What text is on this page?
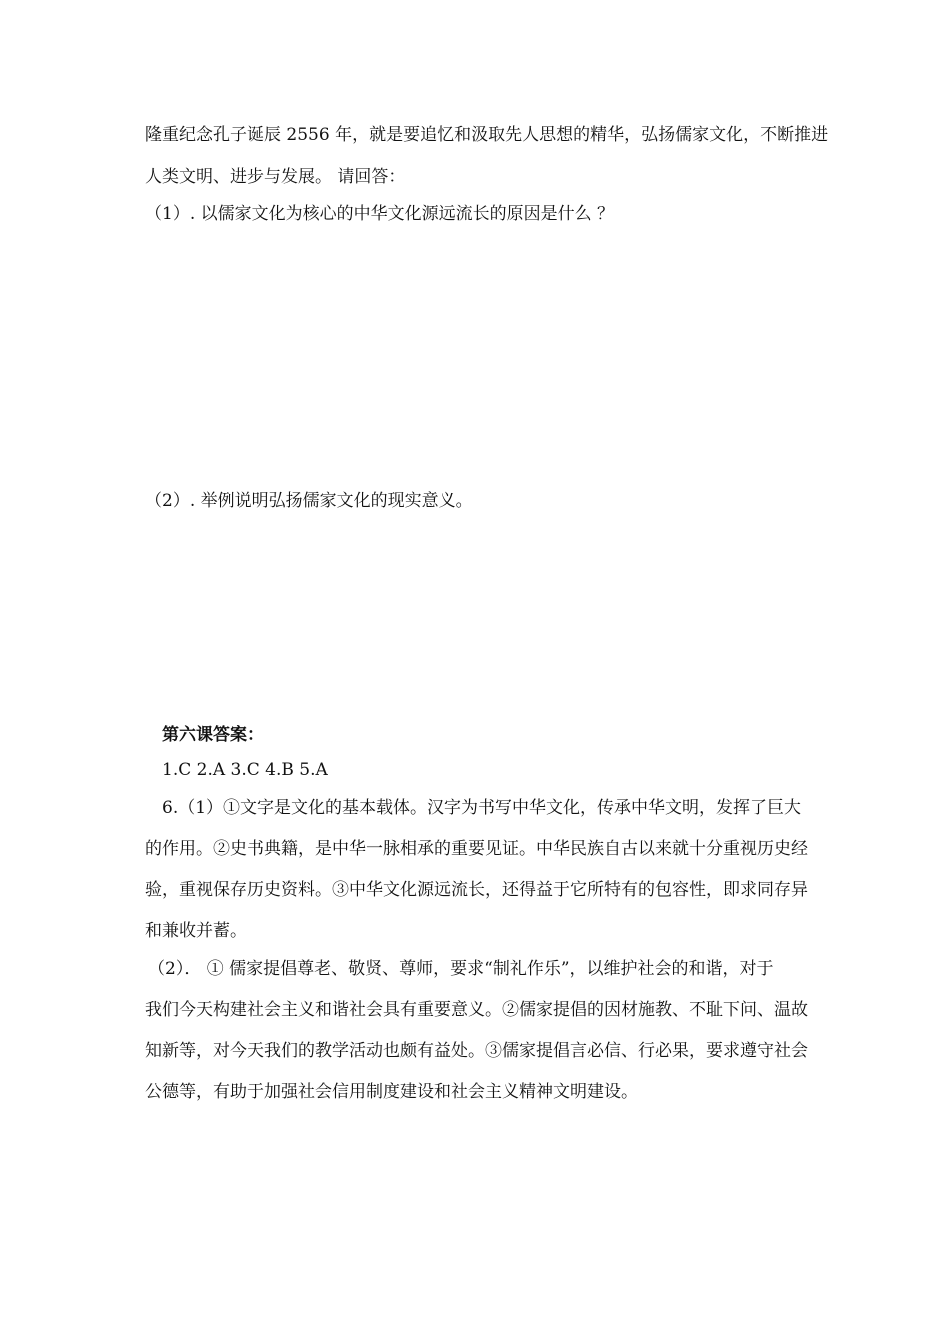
隆重纪念孔子诞辰 2556 年，就是要追忆和汲取先人思想的精华，弘扬儒家文化，不断推进
人类文明、进步与发展。 请回答：
（1）. 以儒家文化为核心的中华文化源远流长的原因是什么 ？
（2）. 举例说明弘扬儒家文化的现实意义。
第六课答案：
1.C 2.A 3.C 4.B 5.A
6.（1）①文字是文化的基本载体。汉字为书写中华文化，传承中华文明，发挥了巨大
的作用。②史书典籍，是中华一脉相承的重要见证。中华民族自古以来就十分重视历史经
验，重视保存历史资料。③中华文化源远流长，还得益于它所特有的包容性，即求同存异
和兼收并蓄。
（2）． ① 儒家提倡尊老、敬贤、尊师，要求“制礼作乐”，以维护社会的和谐，对于
我们今天构建社会主义和谐社会具有重要意义。②儒家提倡的因材施教、不耻下问、温故
知新等，对今天我们的教学活动也颇有益处。③儒家提倡言必信、行必果，要求遵守社会
公德等，有助于加强社会信用制度建设和社会主义精神文明建设。
